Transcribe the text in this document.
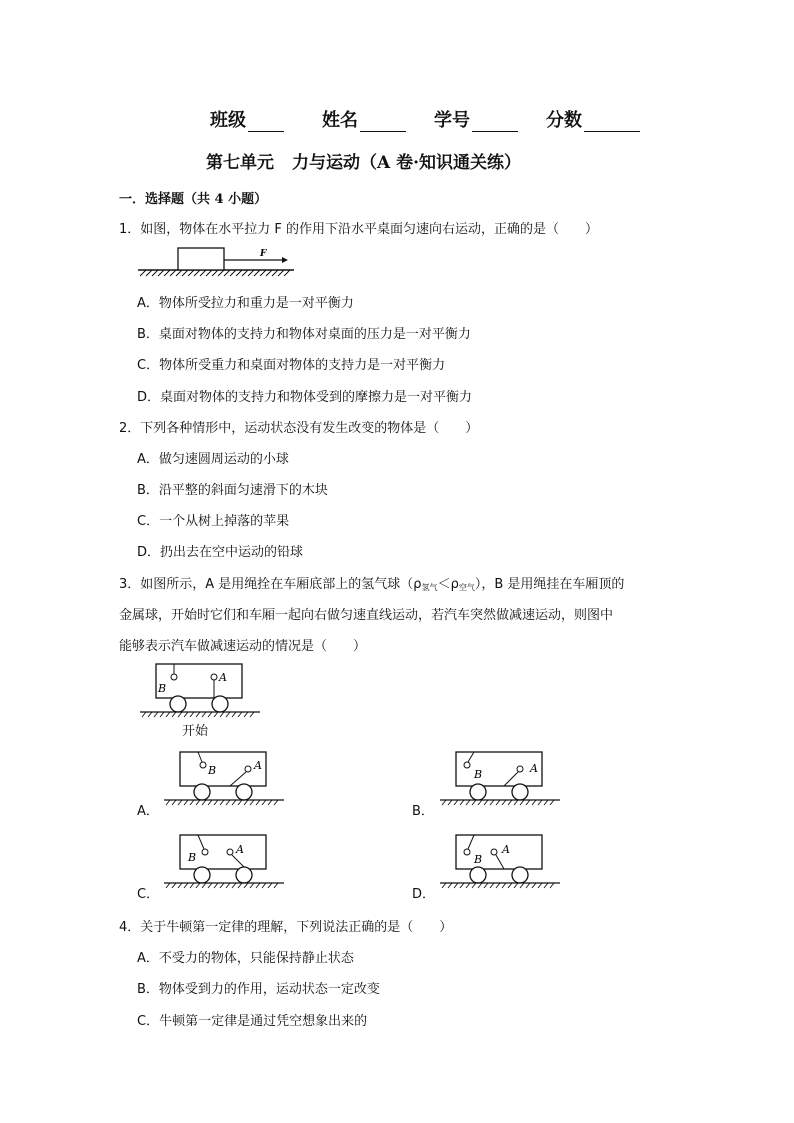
班级	姓名	学号	分数
第七单元 力与运动（A 卷·知识通关练）
一．选择题（共 4 小题）
1．如图，物体在水平拉力 F 的作用下沿水平桌面匀速向右运动，正确的是（　　）
F
A．物体所受拉力和重力是一对平衡力
B．桌面对物体的支持力和物体对桌面的压力是一对平衡力
C．物体所受重力和桌面对物体的支持力是一对平衡力
D．桌面对物体的支持力和物体受到的摩擦力是一对平衡力
2．下列各种情形中，运动状态没有发生改变的物体是（　　）
A．做匀速圆周运动的小球
B．沿平整的斜面匀速滑下的木块
C．一个从树上掉落的苹果
D．扔出去在空中运动的铅球
3．如图所示，A 是用绳拴在车厢底部上的氢气球$(\rho_{氢气}<\rho_{空气})$，B 是用绳挂在车厢顶的
金属球，开始时它们和车厢一起向右做匀速直线运动，若汽车突然做减速运动，则图中
能够表示汽车做减速运动的情况是（　　）
B
A
开始
A．
B	A
B．
B	A
C．
B
A
D．
B
A
4．关于牛顿第一定律的理解，下列说法正确的是（　　）
A．不受力的物体，只能保持静止状态
B．物体受到力的作用，运动状态一定改变
C．牛顿第一定律是通过凭空想象出来的
